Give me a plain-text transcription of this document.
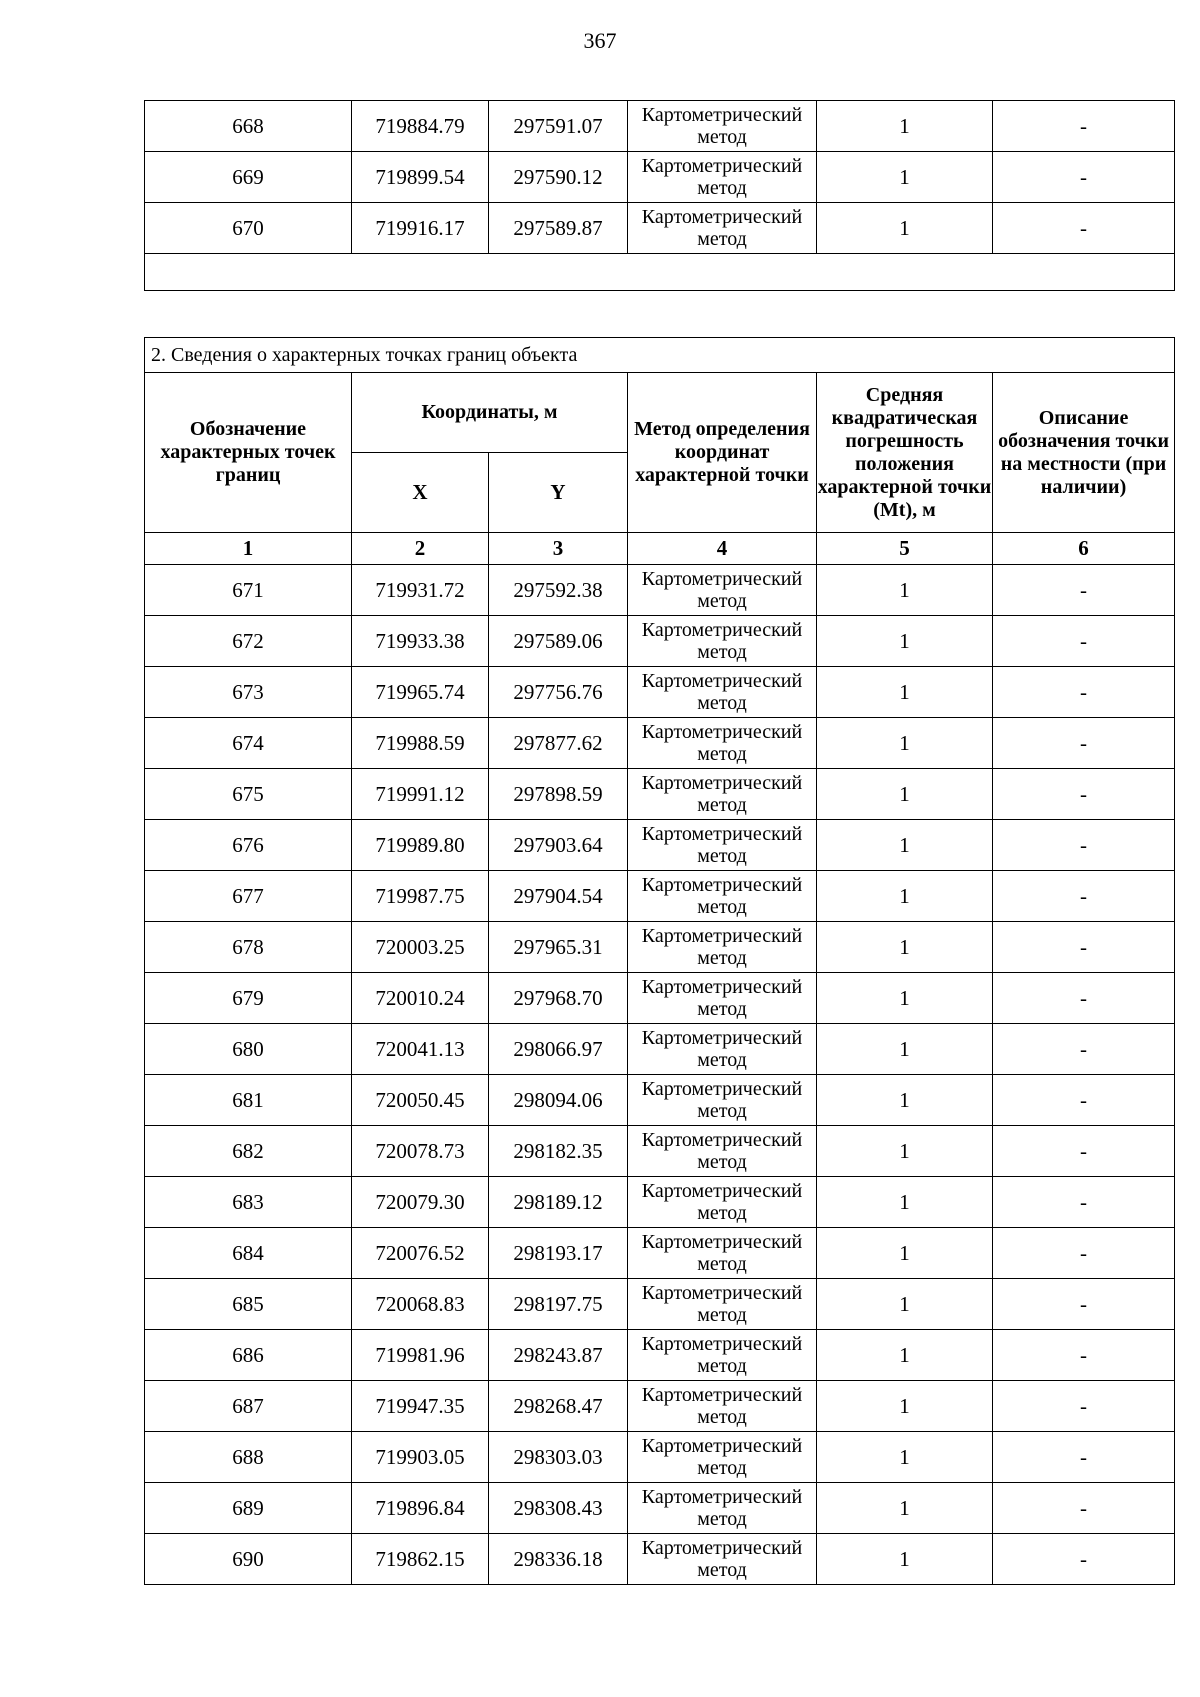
367
668	719884.79	297591.07	Картометрический метод	1	-
669	719899.54	297590.12	Картометрический метод	1	-
670	719916.17	297589.87	Картометрический метод	1	-

2. Сведения о характерных точках границ объекта					
Обозначение характерных точек границ	Координаты, м		Метод определения координат характерной точки	Средняя квадратическая погрешность положения характерной точки (Mt), м	Описание обозначения точки на местности (при наличии)
	X	Y			
1	2	3	4	5	6
671	719931.72	297592.38	Картометрический метод	1	-
672	719933.38	297589.06	Картометрический метод	1	-
673	719965.74	297756.76	Картометрический метод	1	-
674	719988.59	297877.62	Картометрический метод	1	-
675	719991.12	297898.59	Картометрический метод	1	-
676	719989.80	297903.64	Картометрический метод	1	-
677	719987.75	297904.54	Картометрический метод	1	-
678	720003.25	297965.31	Картометрический метод	1	-
679	720010.24	297968.70	Картометрический метод	1	-
680	720041.13	298066.97	Картометрический метод	1	-
681	720050.45	298094.06	Картометрический метод	1	-
682	720078.73	298182.35	Картометрический метод	1	-
683	720079.30	298189.12	Картометрический метод	1	-
684	720076.52	298193.17	Картометрический метод	1	-
685	720068.83	298197.75	Картометрический метод	1	-
686	719981.96	298243.87	Картометрический метод	1	-
687	719947.35	298268.47	Картометрический метод	1	-
688	719903.05	298303.03	Картометрический метод	1	-
689	719896.84	298308.43	Картометрический метод	1	-
690	719862.15	298336.18	Картометрический метод	1	-
